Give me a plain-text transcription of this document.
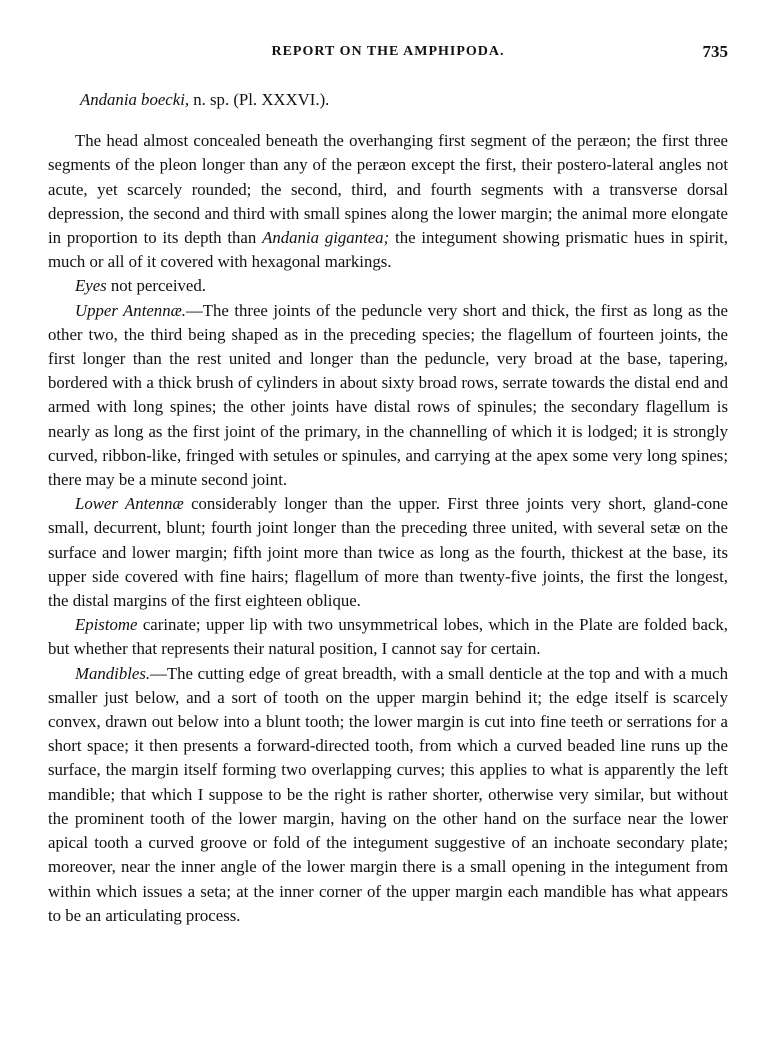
REPORT ON THE AMPHIPODA.	735
Andania boecki, n. sp. (Pl. XXXVI.).

The head almost concealed beneath the overhanging first segment of the peræon; the first three segments of the pleon longer than any of the peræon except the first, their postero-lateral angles not acute, yet scarcely rounded; the second, third, and fourth segments with a transverse dorsal depression, the second and third with small spines along the lower margin; the animal more elongate in proportion to its depth than Andania gigantea; the integument showing prismatic hues in spirit, much or all of it covered with hexagonal markings.

Eyes not perceived.

Upper Antennæ.—The three joints of the peduncle very short and thick, the first as long as the other two, the third being shaped as in the preceding species; the flagellum of fourteen joints, the first longer than the rest united and longer than the peduncle, very broad at the base, tapering, bordered with a thick brush of cylinders in about sixty broad rows, serrate towards the distal end and armed with long spines; the other joints have distal rows of spinules; the secondary flagellum is nearly as long as the first joint of the primary, in the channelling of which it is lodged; it is strongly curved, ribbon-like, fringed with setules or spinules, and carrying at the apex some very long spines; there may be a minute second joint.

Lower Antennæ considerably longer than the upper. First three joints very short, gland-cone small, decurrent, blunt; fourth joint longer than the preceding three united, with several setæ on the surface and lower margin; fifth joint more than twice as long as the fourth, thickest at the base, its upper side covered with fine hairs; flagellum of more than twenty-five joints, the first the longest, the distal margins of the first eighteen oblique.

Epistome carinate; upper lip with two unsymmetrical lobes, which in the Plate are folded back, but whether that represents their natural position, I cannot say for certain.

Mandibles.—The cutting edge of great breadth, with a small denticle at the top and with a much smaller just below, and a sort of tooth on the upper margin behind it; the edge itself is scarcely convex, drawn out below into a blunt tooth; the lower margin is cut into fine teeth or serrations for a short space; it then presents a forward-directed tooth, from which a curved beaded line runs up the surface, the margin itself forming two overlapping curves; this applies to what is apparently the left mandible; that which I suppose to be the right is rather shorter, otherwise very similar, but without the prominent tooth of the lower margin, having on the other hand on the surface near the lower apical tooth a curved groove or fold of the integument suggestive of an inchoate secondary plate; moreover, near the inner angle of the lower margin there is a small opening in the integument from within which issues a seta; at the inner corner of the upper margin each mandible has what appears to be an articulating process.
